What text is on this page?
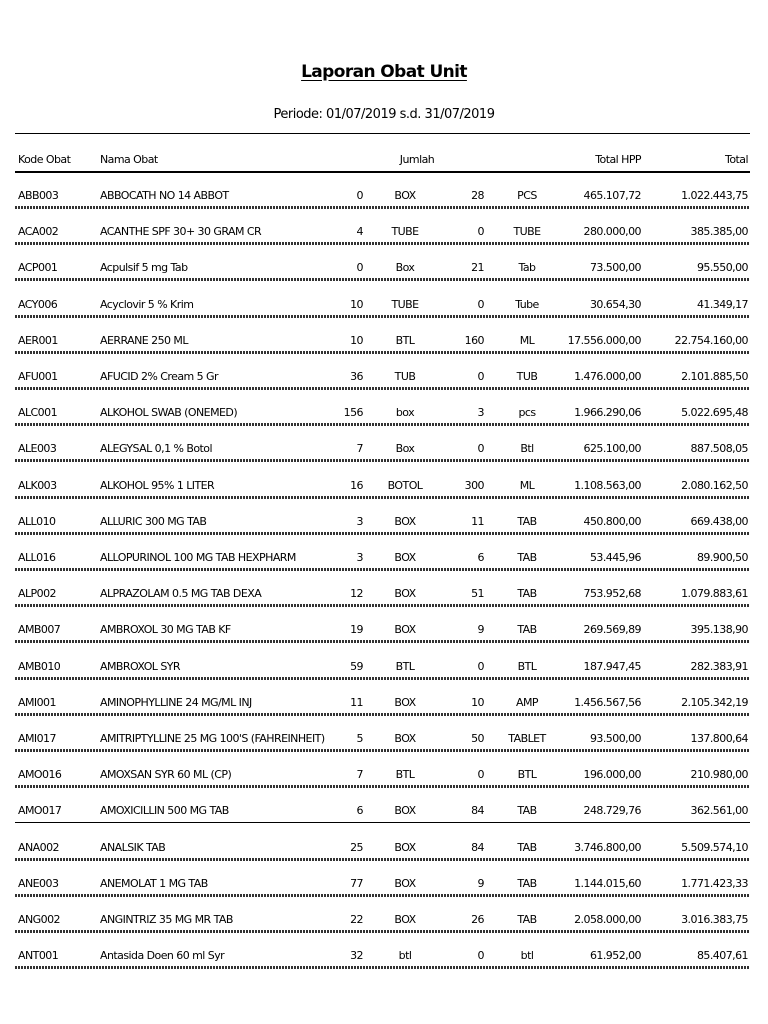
Laporan Obat Unit
Periode: 01/07/2019 s.d. 31/07/2019
Kode Obat	Nama Obat	Jumlah	Total HPP	Total
ABB003	ABBOCATH NO 14 ABBOT	0	BOX	28	PCS	465.107,72	1.022.443,75
ACA002	ACANTHE SPF 30+ 30 GRAM CR	4	TUBE	0	TUBE	280.000,00	385.385,00
ACP001	Acpulsif 5 mg Tab	0	Box	21	Tab	73.500,00	95.550,00
ACY006	Acyclovir 5 % Krim	10	TUBE	0	Tube	30.654,30	41.349,17
AER001	AERRANE 250 ML	10	BTL	160	ML	17.556.000,00	22.754.160,00
AFU001	AFUCID 2% Cream 5 Gr	36	TUB	0	TUB	1.476.000,00	2.101.885,50
ALC001	ALKOHOL SWAB (ONEMED)	156	box	3	pcs	1.966.290,06	5.022.695,48
ALE003	ALEGYSAL 0,1 % Botol	7	Box	0	Btl	625.100,00	887.508,05
ALK003	ALKOHOL 95% 1 LITER	16	BOTOL	300	ML	1.108.563,00	2.080.162,50
ALL010	ALLURIC 300 MG TAB	3	BOX	11	TAB	450.800,00	669.438,00
ALL016	ALLOPURINOL 100 MG TAB HEXPHARM	3	BOX	6	TAB	53.445,96	89.900,50
ALP002	ALPRAZOLAM 0.5 MG TAB DEXA	12	BOX	51	TAB	753.952,68	1.079.883,61
AMB007	AMBROXOL 30 MG TAB KF	19	BOX	9	TAB	269.569,89	395.138,90
AMB010	AMBROXOL SYR	59	BTL	0	BTL	187.947,45	282.383,91
AMI001	AMINOPHYLLINE 24 MG/ML INJ	11	BOX	10	AMP	1.456.567,56	2.105.342,19
AMI017	AMITRIPTYLLINE 25 MG 100'S (FAHREINHEIT)	5	BOX	50	TABLET	93.500,00	137.800,64
AMO016	AMOXSAN SYR 60 ML (CP)	7	BTL	0	BTL	196.000,00	210.980,00
AMO017	AMOXICILLIN 500 MG TAB	6	BOX	84	TAB	248.729,76	362.561,00
ANA002	ANALSIK TAB	25	BOX	84	TAB	3.746.800,00	5.509.574,10
ANE003	ANEMOLAT 1 MG TAB	77	BOX	9	TAB	1.144.015,60	1.771.423,33
ANG002	ANGINTRIZ 35 MG MR TAB	22	BOX	26	TAB	2.058.000,00	3.016.383,75
ANT001	Antasida Doen 60 ml Syr	32	btl	0	btl	61.952,00	85.407,61
